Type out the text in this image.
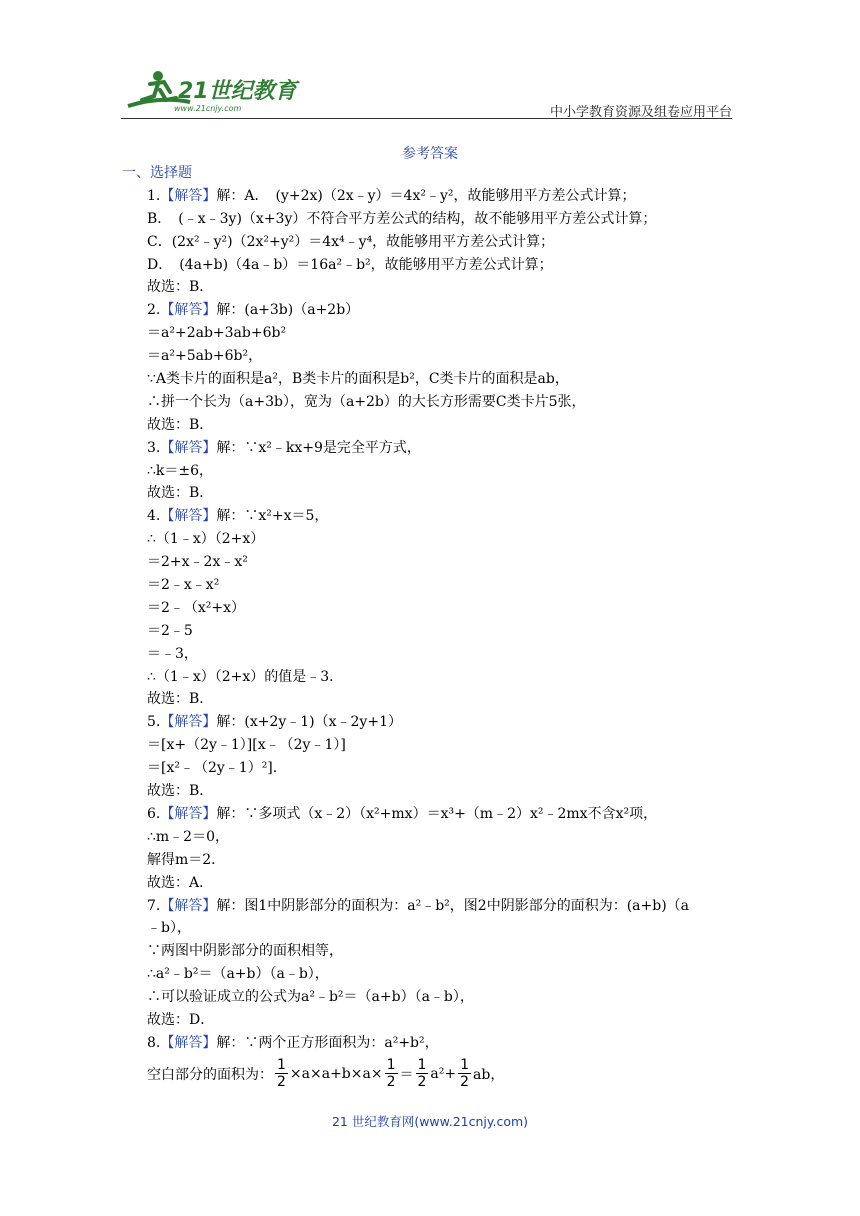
21世纪教育
www.21cnjy.com	中小学教育资源及组卷应用平台
参考答案
一、选择题
1.【解答】解：A．　(y+2x)（2x﹣y）＝4x²﹣y²，故能够用平方差公式计算；
B．　(﹣x﹣3y)（x+3y）不符合平方差公式的结构，故不能够用平方差公式计算；
C．(2x²﹣y²)（2x²+y²）＝4x⁴﹣y⁴，故能够用平方差公式计算；
D．　(4a+b)（4a﹣b）＝16a²﹣b²，故能够用平方差公式计算；
故选：B．
2.【解答】解：(a+3b)（a+2b）
＝a²+2ab+3ab+6b²
＝a²+5ab+6b²，
∵A类卡片的面积是a²，B类卡片的面积是b²，C类卡片的面积是ab，
∴拼一个长为（a+3b），宽为（a+2b）的大长方形需要C类卡片5张，
故选：B．
3.【解答】解：∵x²﹣kx+9是完全平方式，
∴k＝±6，
故选：B．
4.【解答】解：∵x²+x＝5，
∴（1﹣x）（2+x）
＝2+x﹣2x﹣x²
＝2﹣x﹣x²
＝2﹣（x²+x）
＝2﹣5
＝﹣3，
∴（1﹣x）（2+x）的值是﹣3．
故选：B．
5.【解答】解：(x+2y﹣1)（x﹣2y+1）
＝[x+（2y﹣1）][x﹣（2y﹣1）]
＝[x²﹣（2y﹣1）²].
故选：B．
6.【解答】解：∵多项式（x﹣2）（x²+mx）＝x³+（m﹣2）x²﹣2mx不含x²项，
∴m﹣2＝0，
解得m＝2．
故选：A．
7.【解答】解：图1中阴影部分的面积为：a²﹣b²，图2中阴影部分的面积为：(a+b)（a
﹣b），
∵两图中阴影部分的面积相等，
∴a²﹣b²＝（a+b）（a﹣b），
∴可以验证成立的公式为a²﹣b²＝（a+b）（a﹣b），
故选：D．
8.【解答】解：∵两个正方形面积为：a²+b²，
空白部分的面积为： $\frac{1}{2} \times a\times a+b\times a\times \frac{1}{2} = \frac{1}{2} a^2+ \frac{1}{2}$ ab，
21 世纪教育网(www.21cnjy.com)
